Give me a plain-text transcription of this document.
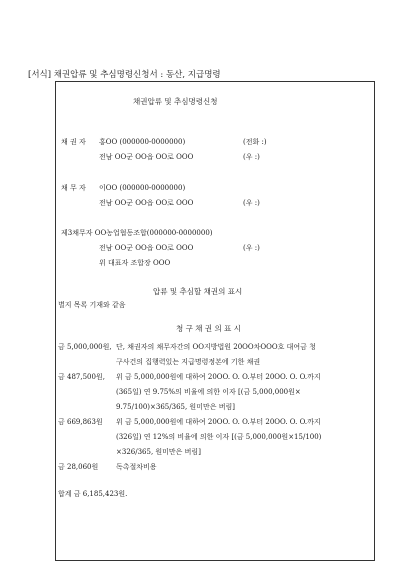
[서식] 채권압류 및 추심명령신청서 : 동산, 지급명령
채권압류 및 추심명령신청
채 권 자 홍OO (000000-0000000)	(전화 :)
전남 OO군 OO읍 OO로 OOO	(우 :)
채 무 자 이OO (000000-0000000)
전남 OO군 OO읍 OO로 OOO	(우 :)
제3채무자 OO농업협동조합(000000-0000000)
전남 OO군 OO읍 OO로 OOO	(우 :)
위 대표자 조합장 OOO
압류 및 추심할 채권의 표시
별지 목록 기재와 같음
청 구 채 권 의 표 시
금 5,000,000원, 단, 채권자의 채무자간의 OO지방법원 20OO차OOO호 대여금 청
구사건의 집행력있는 지급명령정본에 기한 채권
금 487,500원, 위 금 5,000,000원에 대하여 20OO. O. O.부터 20OO. O. O.까지
(365일) 연 9.75%의 비율에 의한 이자 [(금 5,000,000원×
9.75/100)×365/365, 원미만은 버림]
금 669,863원 위 금 5,000,000원에 대하여 20OO. O. O.부터 20OO. O. O.까지
(326일) 연 12%의 비율에 의한 이자 [(금 5,000,000원×15/100)
×326/365, 원미만은 버림]
금 28,060원	독촉절차비용
합계 금 6,185,423원.
